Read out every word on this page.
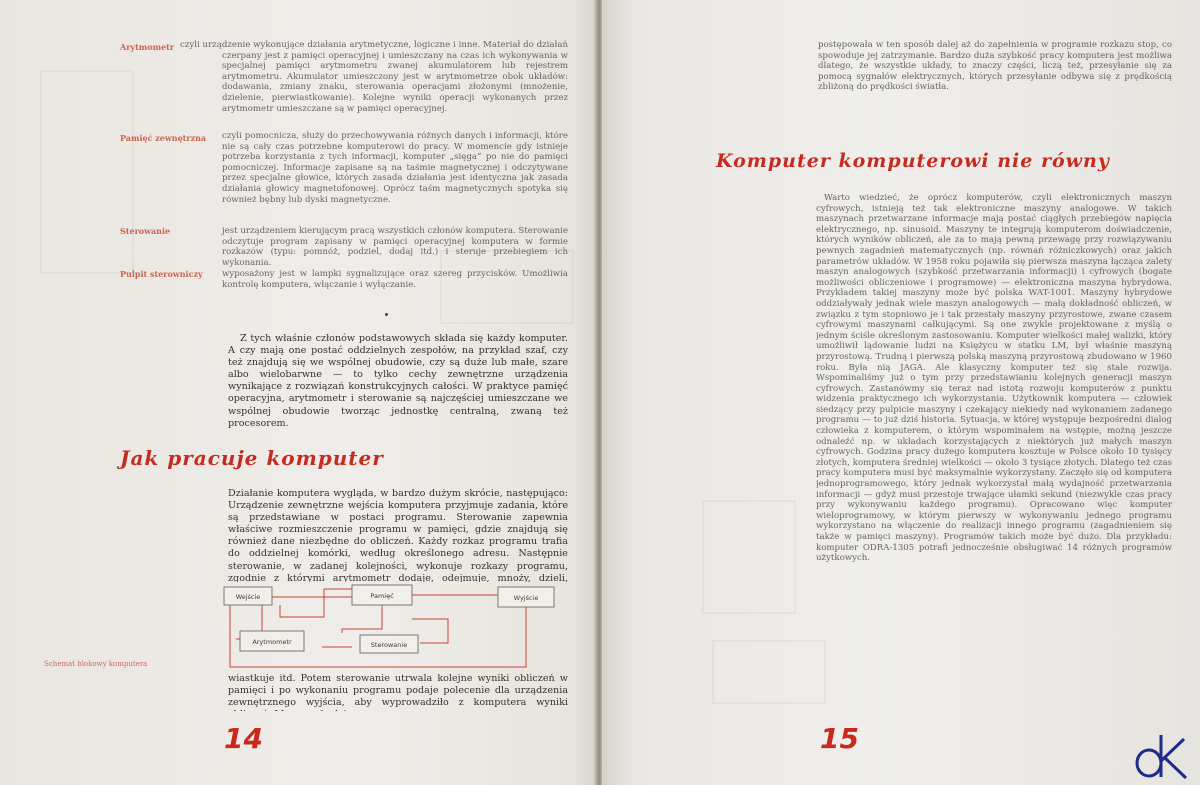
Arytmometr czyli urządzenie wykonujące działania arytmetyczne, logiczne i inne. Materiał do działań czerpany jest z pamięci operacyjnej i umieszczany na czas ich wykonywania w specjalnej pamięci arytmometru zwanej akumulatorem lub rejestrem arytmometru. Akumulator umieszczony jest w arytmometrze obok układów: dodawania, zmiany znaku, sterowania operacjami złożonymi (mnożenie, dzielenie, pierwiastkowanie). Kolejne wyniki operacji wykonanych przez arytmometr umieszczane są w pamięci operacyjnej.

Pamięć zewnętrzna czyli pomocnicza, służy do przechowywania różnych danych i informacji, które nie są cały czas potrzebne komputerowi do pracy. W momencie gdy istnieje potrzeba korzystania z tych informacji, komputer „sięga” po nie do pamięci pomocniczej. Informacje zapisane są na taśmie magnetycznej i odczytywane przez specjalne głowice, których zasada działania jest identyczna jak zasada działania głowicy magnetofonowej. Oprócz taśm magnetycznych spotyka się również bębny lub dyski magnetyczne.

Sterowanie	jest urządzeniem kierującym pracą wszystkich członów komputera. Sterowanie odczytuje program zapisany w pamięci operacyjnej komputera w formie rozkazów (typu: pomnóż, podziel, dodaj itd.) i steruje przebiegiem ich wykonania.

Pulpit sterowniczy wyposażony jest w lampki sygnalizujące oraz szereg przycisków. Umożliwia kontrolę komputera, włączanie i wyłączanie.

Z tych właśnie członów podstawowych składa się każdy komputer. A czy mają one postać oddzielnych zespołów, na przykład szaf, czy też znajdują się we wspólnej obudowie, czy są duże lub małe, szare albo wielobarwne — to tylko cechy zewnętrzne urządzenia wynikające z rozwiązań konstrukcyjnych całości. W praktyce pamięć operacyjna, arytmometr i sterowanie są najczęściej umieszczane we wspólnej obudowie tworząc jednostkę centralną, zwaną też procesorem.

Jak pracuje komputer

Działanie komputera wygląda, w bardzo dużym skrócie, następująco: Urządzenie zewnętrzne wejścia komputera przyjmuje zadania, które są przedstawiane w postaci programu. Sterowanie zapewnia właściwe rozmieszczenie programu w pamięci, gdzie znajdują się również dane niezbędne do obliczeń. Każdy rozkaz programu trafia do oddzielnej komórki, według określonego adresu. Następnie sterowanie, w zadanej kolejności, wykonuje rozkazy programu, zgodnie z którymi arytmometr dodaje, odejmuje, mnoży, dzieli,

Wejście	Pamięć	Wyjście
Arytmometr	Sterowanie
Schemat blokowy komputera

wiastkuje itd. Potem sterowanie utrwala kolejne wyniki obliczeń w pamięci i po wykonaniu programu podaje polecenie dla urządzenia zewnętrznego wyjścia, aby wyprowadziło z komputera wyniki

14

postępowała w ten sposób dalej aż do zapełnienia w programie rozkazu stop, co spowoduje jej zatrzymanie. Bardzo duża szybkość pracy komputera jest możliwa dlatego, że wszystkie układy, to znaczy części, liczą też, przesyłanie się za pomocą sygnałów elektrycznych, których przesyłanie odbywa się z prędkością zbliżoną do prędkości światła.

Komputer komputerowi nie równy

Warto wiedzieć, że oprócz komputerów, czyli elektronicznych maszyn cyfrowych, istnieją też tak elektroniczne maszyny analogowe. W takich maszynach przetwarzane informacje mają postać ciągłych przebiegów napięcia elektrycznego, np. sinusoid. Maszyny te integrują komputerom doświadczenie, których wyników obliczeń, ale za to mają pewną przewagę przy rozwiązywaniu pewnych zagadnień matematycznych (np. równań różniczkowych) oraz jakich parametrów układów. W 1958 roku pojawiła się pierwsza maszyna łącząca zalety maszyn analogowych (szybkość przetwarzania informacji) i cyfrowych (bogate możliwości obliczeniowe i programowe) — elektroniczna maszyna hybrydowa. Przykładem takiej maszyny może być polska WAT-1001. Maszyny hybrydowe oddziaływały jednak wiele maszyn analogowych — małą dokładność obliczeń, w związku z tym stopniowo je i tak przestały maszyny przyrostowe, zwane czasem cyfrowymi maszynami całkującymi. Są one zwykle projektowane z myślą o jednym ściśle określonym zastosowaniu. Komputer wielkości małej walizki, który umożliwił lądowanie ludzi na Księżycu w statku LM, był właśnie maszyną przyrostową. Trudną i pierwszą polską maszyną przyrostową zbudowano w 1960 roku. Była nią JAGA. Ale klasyczny komputer też się stale rozwija. Wspominaliśmy już o tym przy przedstawianiu kolejnych generacji maszyn cyfrowych. Zastanówmy się teraz nad istotą rozwoju komputerów z punktu widzenia praktycznego ich wykorzystania. Użytkownik komputera — człowiek siedzący przy pulpicie maszyny i czekający niekiedy nad wykonaniem zadanego programu — to już dziś historia. Sytuacja, w której występuje bezpośredni dialog człowieka z komputerem, o którym wspominałem na wstępie, możną jeszcze odnaleźć np. w układach korzystających z niektórych już małych maszyn cyfrowych. Godzina pracy dużego komputera kosztuje w Polsce około 10 tysięcy złotych, komputera średniej wielkości — około 3 tysiące złotych. Dlatego też czas pracy komputera musi być maksymalnie wykorzystany. Zaczęło się od komputera jednoprogramowego, który jednak wykorzystał małą wydajność przetwarzania informacji — gdyż musi przestoje trwające ułamki sekund (niezwykle czas pracy przy wykonywaniu każdego programu). Opracowano więc komputer wieloprogramowy, w którym pierwszy w wykonywaniu jednego programu wykorzystano na włączenie do realizacji innego programu (zagadnieniem się także w pamięci maszyny). Programów takich może być dużo. Dla przykładu: komputer ODRA-1305 potrafi jednocześnie obsługiwać 14 różnych programów użytkowych.

15	dk
